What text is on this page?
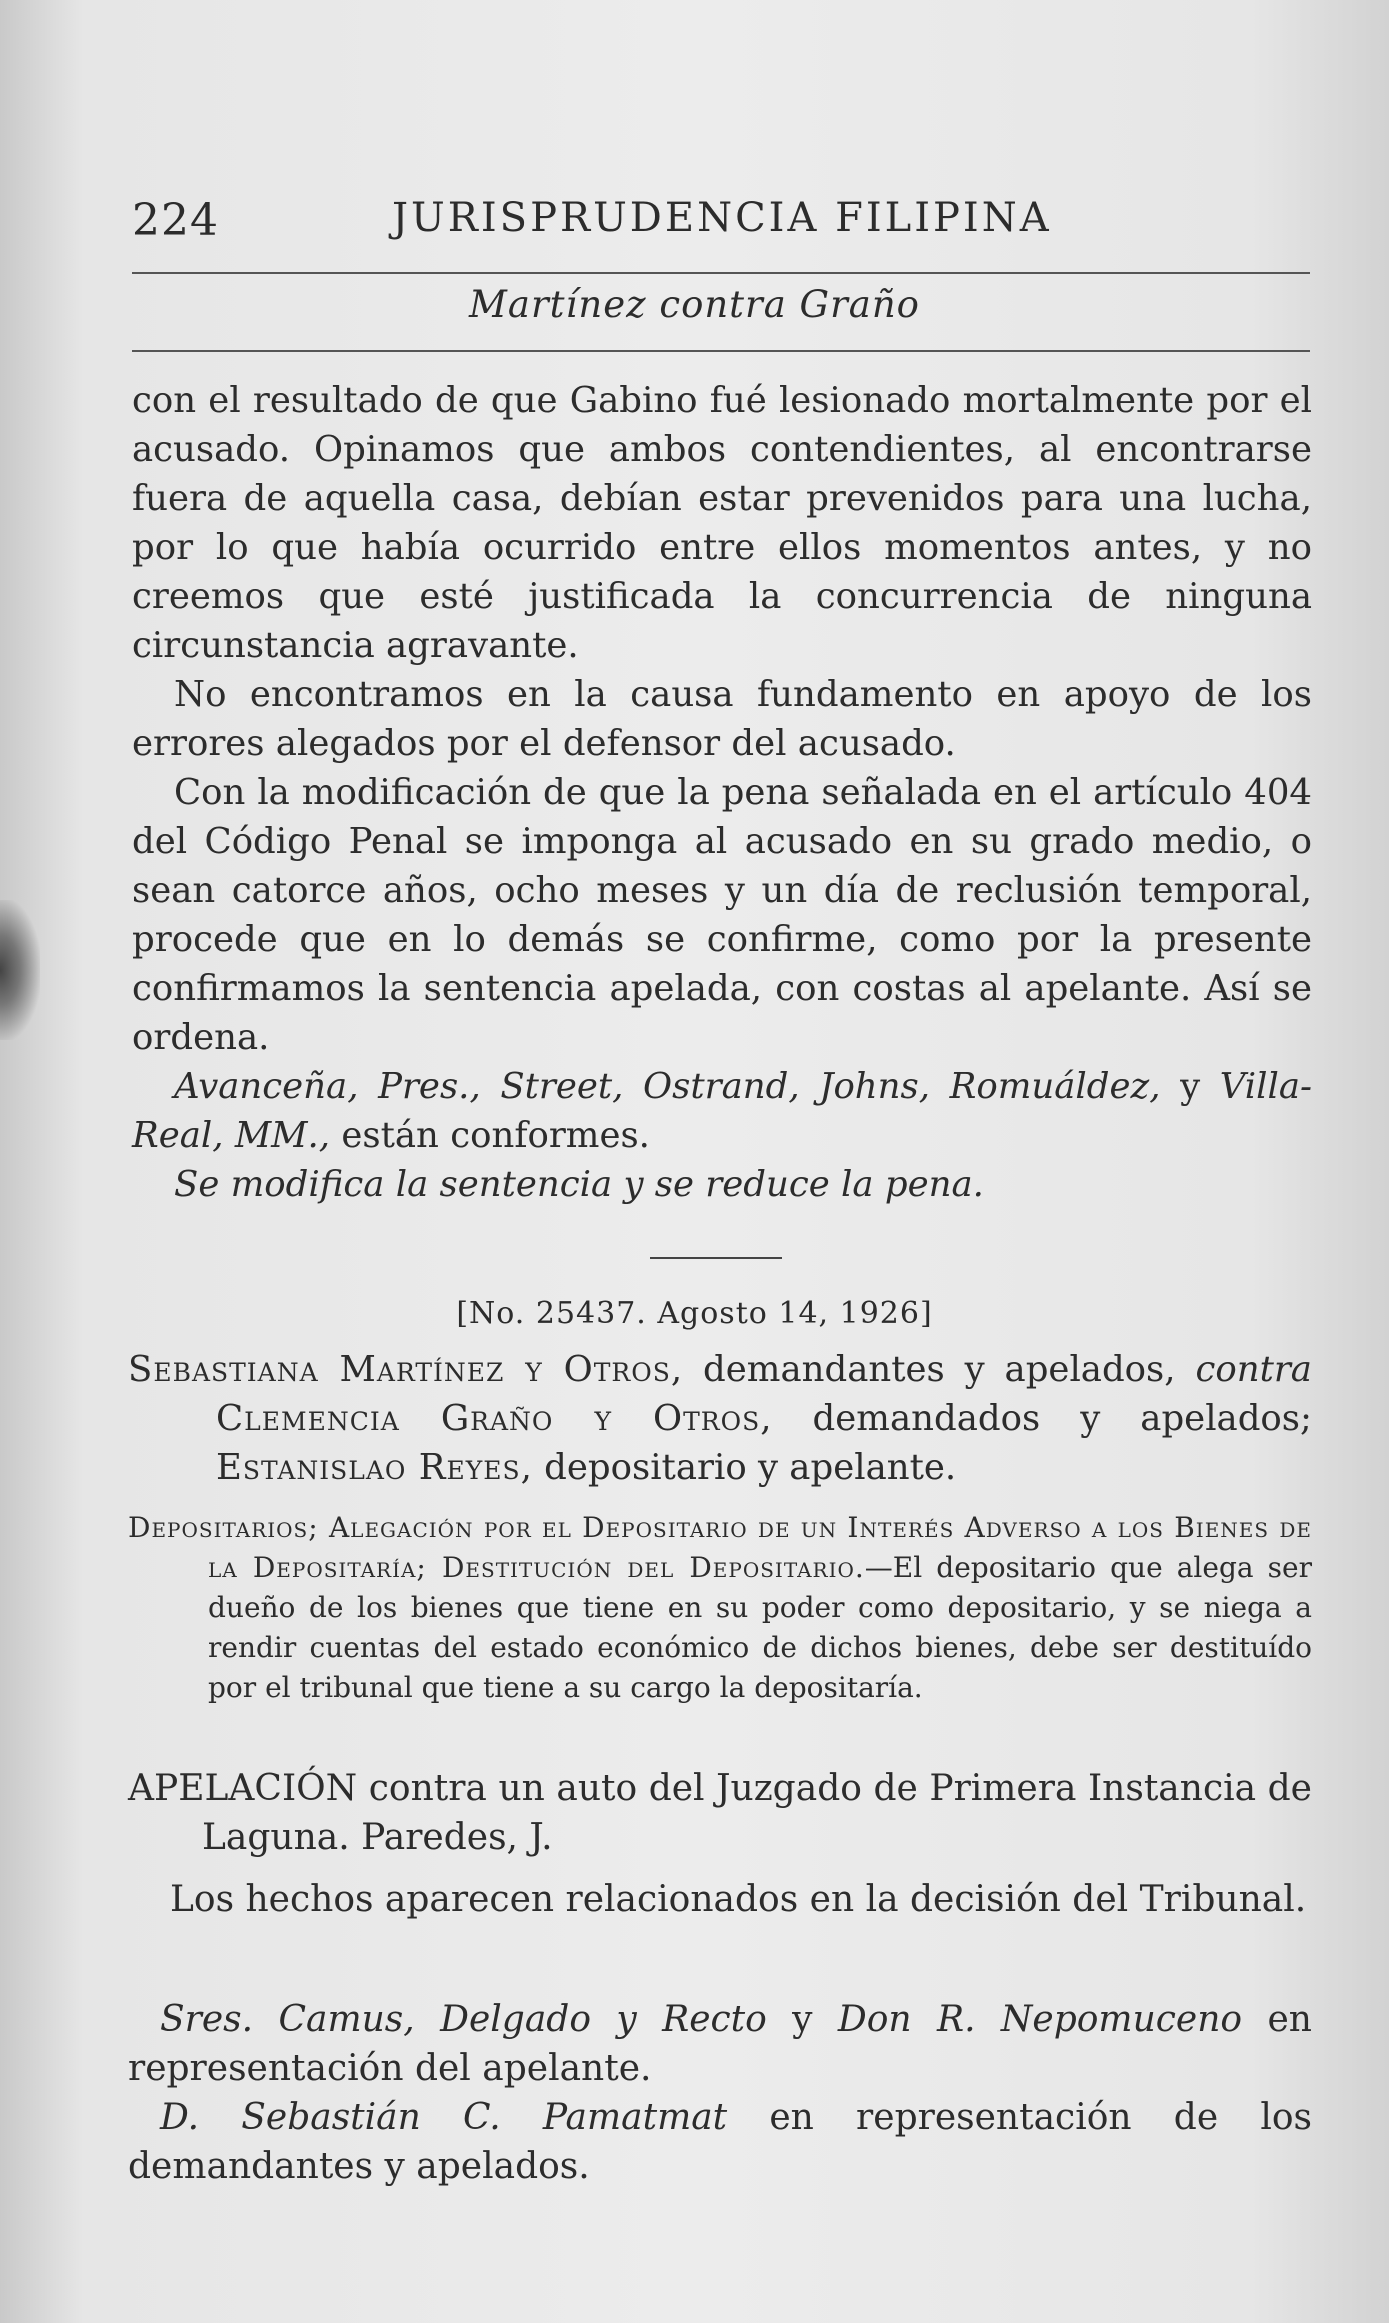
224	JURISPRUDENCIA FILIPINA
Martínez contra Graño

con el resultado de que Gabino fué lesionado mortalmente por el acusado. Opinamos que ambos contendientes, al encontrarse fuera de aquella casa, debían estar prevenidos para una lucha, por lo que había ocurrido entre ellos momentos antes, y no creemos que esté justificada la concurrencia de ninguna circunstancia agravante.

No encontramos en la causa fundamento en apoyo de los errores alegados por el defensor del acusado.

Con la modificación de que la pena señalada en el artículo 404 del Código Penal se imponga al acusado en su grado medio, o sean catorce años, ocho meses y un día de reclusión temporal, procede que en lo demás se confirme, como por la presente confirmamos la sentencia apelada, con costas al apelante. Así se ordena.

Avanceña, Pres., Street, Ostrand, Johns, Romuáldez, y Villa-Real, MM., están conformes.

Se modifica la sentencia y se reduce la pena.

[No. 25437. Agosto 14, 1926]

Sebastiana Martínez y Otros, demandantes y apelados, contra Clemencia Graño y Otros, demandados y apelados; Estanislao Reyes, depositario y apelante.

Depositarios; Alegación por el Depositario de un Interés Adverso a los Bienes de la Depositaría; Destitución del Depositario.—El depositario que alega ser dueño de los bienes que tiene en su poder como depositario, y se niega a rendir cuentas del estado económico de dichos bienes, debe ser destituído por el tribunal que tiene a su cargo la depositaría.

APELACIÓN contra un auto del Juzgado de Primera Instancia de Laguna. Paredes, J.

Los hechos aparecen relacionados en la decisión del Tribunal.

Sres. Camus, Delgado y Recto y Don R. Nepomuceno en representación del apelante.

D. Sebastián C. Pamatmat en representación de los demandantes y apelados.
